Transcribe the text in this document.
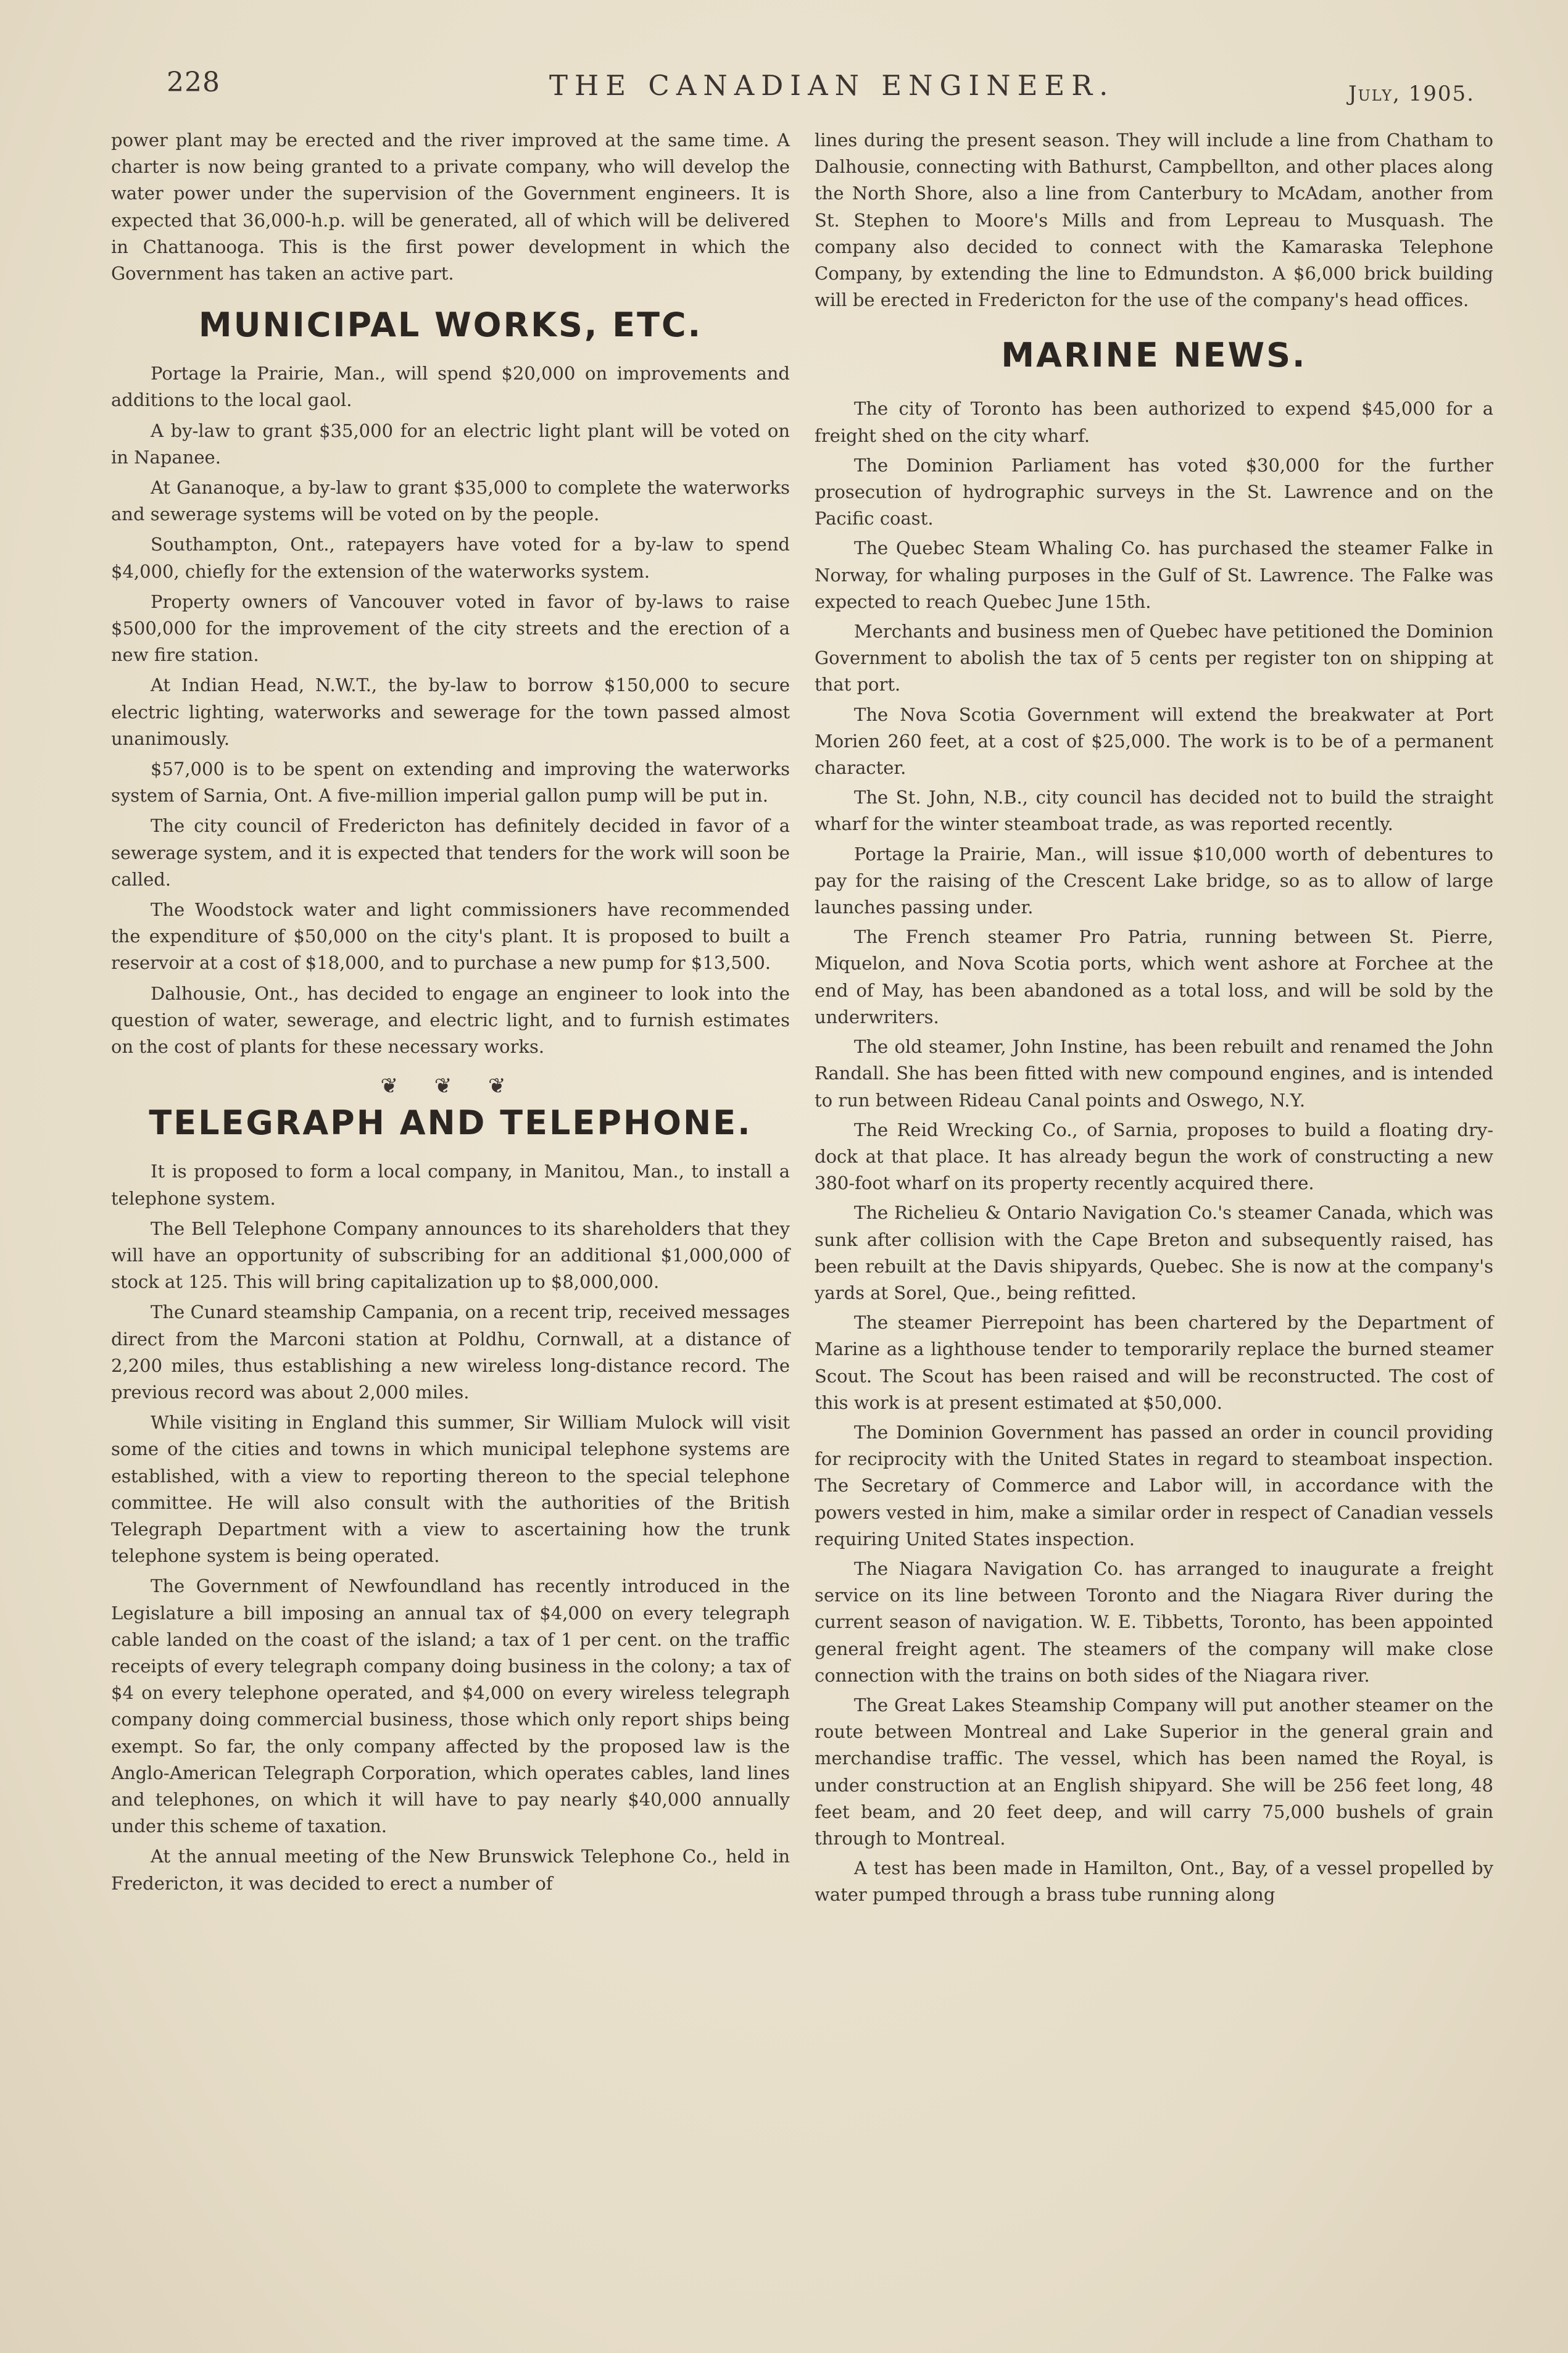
228	THE CANADIAN ENGINEER.	July, 1905.

power plant may be erected and the river improved at the same time. A charter is now being granted to a private company, who will develop the water power under the supervision of the Government engineers. It is expected that 36,000-h.p. will be generated, all of which will be delivered in Chattanooga. This is the first power development in which the Government has taken an active part.

MUNICIPAL WORKS, ETC.

Portage la Prairie, Man., will spend $20,000 on improvements and additions to the local gaol.

A by-law to grant $35,000 for an electric light plant will be voted on in Napanee.

At Gananoque, a by-law to grant $35,000 to complete the waterworks and sewerage systems will be voted on by the people.

Southampton, Ont., ratepayers have voted for a by-law to spend $4,000, chiefly for the extension of the waterworks system.

Property owners of Vancouver voted in favor of by-laws to raise $500,000 for the improvement of the city streets and the erection of a new fire station.

At Indian Head, N.W.T., the by-law to borrow $150,000 to secure electric lighting, waterworks and sewerage for the town passed almost unanimously.

$57,000 is to be spent on extending and improving the waterworks system of Sarnia, Ont. A five-million imperial gallon pump will be put in.

The city council of Fredericton has definitely decided in favor of a sewerage system, and it is expected that tenders for the work will soon be called.

The Woodstock water and light commissioners have recommended the expenditure of $50,000 on the city's plant. It is proposed to built a reservoir at a cost of $18,000, and to purchase a new pump for $13,500.

Dalhousie, Ont., has decided to engage an engineer to look into the question of water, sewerage, and electric light, and to furnish estimates on the cost of plants for these necessary works.

❦ ❦ ❦
TELEGRAPH AND TELEPHONE.

It is proposed to form a local company, in Manitou, Man., to install a telephone system.

The Bell Telephone Company announces to its shareholders that they will have an opportunity of subscribing for an additional $1,000,000 of stock at 125. This will bring capitalization up to $8,000,000.

The Cunard steamship Campania, on a recent trip, received messages direct from the Marconi station at Poldhu, Cornwall, at a distance of 2,200 miles, thus establishing a new wireless long-distance record. The previous record was about 2,000 miles.

While visiting in England this summer, Sir William Mulock will visit some of the cities and towns in which municipal telephone systems are established, with a view to reporting thereon to the special telephone committee. He will also consult with the authorities of the British Telegraph Department with a view to ascertaining how the trunk telephone system is being operated.

The Government of Newfoundland has recently introduced in the Legislature a bill imposing an annual tax of $4,000 on every telegraph cable landed on the coast of the island; a tax of 1 per cent. on the traffic receipts of every telegraph company doing business in the colony; a tax of $4 on every telephone operated, and $4,000 on every wireless telegraph company doing commercial business, those which only report ships being exempt. So far, the only company affected by the proposed law is the Anglo-American Telegraph Corporation, which operates cables, land lines and telephones, on which it will have to pay nearly $40,000 annually under this scheme of taxation.

At the annual meeting of the New Brunswick Telephone Co., held in Fredericton, it was decided to erect a number of

lines during the present season. They will include a line from Chatham to Dalhousie, connecting with Bathurst, Campbellton, and other places along the North Shore, also a line from Canterbury to McAdam, another from St. Stephen to Moore's Mills and from Lepreau to Musquash. The company also decided to connect with the Kamaraska Telephone Company, by extending the line to Edmundston. A $6,000 brick building will be erected in Fredericton for the use of the company's head offices.

MARINE NEWS.

The city of Toronto has been authorized to expend $45,000 for a freight shed on the city wharf.

The Dominion Parliament has voted $30,000 for the further prosecution of hydrographic surveys in the St. Lawrence and on the Pacific coast.

The Quebec Steam Whaling Co. has purchased the steamer Falke in Norway, for whaling purposes in the Gulf of St. Lawrence. The Falke was expected to reach Quebec June 15th.

Merchants and business men of Quebec have petitioned the Dominion Government to abolish the tax of 5 cents per register ton on shipping at that port.

The Nova Scotia Government will extend the breakwater at Port Morien 260 feet, at a cost of $25,000. The work is to be of a permanent character.

The St. John, N.B., city council has decided not to build the straight wharf for the winter steamboat trade, as was reported recently.

Portage la Prairie, Man., will issue $10,000 worth of debentures to pay for the raising of the Crescent Lake bridge, so as to allow of large launches passing under.

The French steamer Pro Patria, running between St. Pierre, Miquelon, and Nova Scotia ports, which went ashore at Forchee at the end of May, has been abandoned as a total loss, and will be sold by the underwriters.

The old steamer, John Instine, has been rebuilt and renamed the John Randall. She has been fitted with new compound engines, and is intended to run between Rideau Canal points and Oswego, N.Y.

The Reid Wrecking Co., of Sarnia, proposes to build a floating dry-dock at that place. It has already begun the work of constructing a new 380-foot wharf on its property recently acquired there.

The Richelieu & Ontario Navigation Co.'s steamer Canada, which was sunk after collision with the Cape Breton and subsequently raised, has been rebuilt at the Davis shipyards, Quebec. She is now at the company's yards at Sorel, Que., being refitted.

The steamer Pierrepoint has been chartered by the Department of Marine as a lighthouse tender to temporarily replace the burned steamer Scout. The Scout has been raised and will be reconstructed. The cost of this work is at present estimated at $50,000.

The Dominion Government has passed an order in council providing for reciprocity with the United States in regard to steamboat inspection. The Secretary of Commerce and Labor will, in accordance with the powers vested in him, make a similar order in respect of Canadian vessels requiring United States inspection.

The Niagara Navigation Co. has arranged to inaugurate a freight service on its line between Toronto and the Niagara River during the current season of navigation. W. E. Tibbetts, Toronto, has been appointed general freight agent. The steamers of the company will make close connection with the trains on both sides of the Niagara river.

The Great Lakes Steamship Company will put another steamer on the route between Montreal and Lake Superior in the general grain and merchandise traffic. The vessel, which has been named the Royal, is under construction at an English shipyard. She will be 256 feet long, 48 feet beam, and 20 feet deep, and will carry 75,000 bushels of grain through to Montreal.

A test has been made in Hamilton, Ont., Bay, of a vessel propelled by water pumped through a brass tube running along
